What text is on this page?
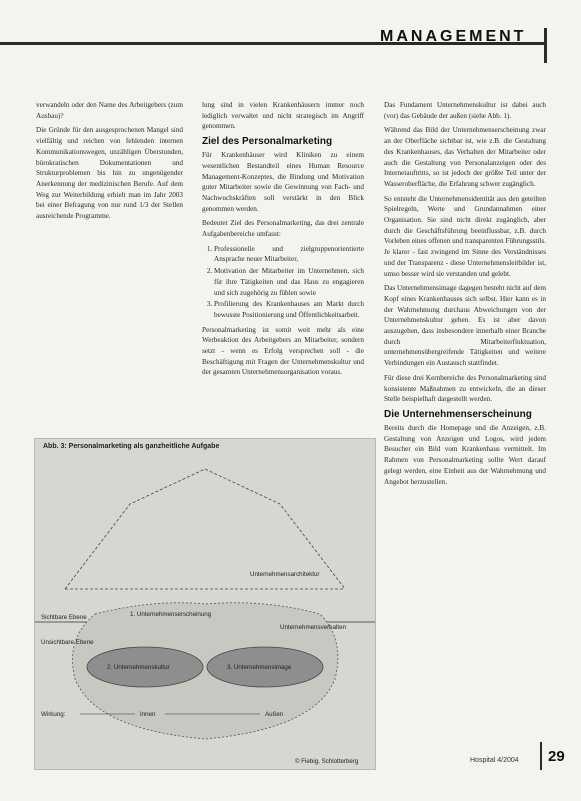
MANAGEMENT

verwandeln oder den Name des Arbeitgebers (zum Ausbau)?

Die Gründe für den ausgesprochenen Mangel sind vielfältig und reichen von fehlenden internen Kommunikationswegen, unzähligen Überstunden, bürokratischen Dokumentationen und Strukturproblemen bis hin zu ungenügender Anerkennung der medizinischen Berufe. Auf dem Weg zur Weiterbildung erhielt man im Jahr 2003 bei einer Befragung von nur rund 1/3 der Stellen ausreichende Programme.

lung sind in vielen Krankenhäusern immer noch lediglich verwaltet und nicht strategisch im Angriff genommen.

Ziel des Personalmarketing

Für Krankenhäuser wird Kliniken zu einem wesentlichen Bestandteil eines Human Resource Management-Konzeptes, die Bindung und Motivation guter Mitarbeiter sowie die Gewinnung von Fach- und Nachwuchskräften soll verstärkt in den Blick genommen werden.

Bedeutet Ziel des Personalmarketing, das drei zentrale Aufgabenbereiche umfasst:

1. Professionelle und zielgruppenorientierte Ansprache neuer Mitarbeiter,
2. Motivation der Mitarbeiter im Unternehmen, sich für ihre Tätigkeiten und das Haus zu engagieren und sich zugehörig zu fühlen sowie
3. Profilierung des Krankenhauses am Markt durch bewusste Positionierung und Öffentlichkeitsarbeit.

Personalmarketing ist somit weit mehr als eine Werbeaktion des Arbeitgebers an Mitarbeiter, sondern setzt - wenn es Erfolg versprechen soll - die Beschäftigung mit Fragen der Unternehmenskultur und der gesamten Unternehmensorganisation voraus.

Das Fundament Unternehmenskultur ist dabei auch (vor) das Gebäude der außen (siehe Abb. 1).

Während das Bild der Unternehmenserscheinung zwar an der Oberfläche sichtbar ist, wie z.B. die Gestaltung des Krankenhauses, das Verhalten der Mitarbeiter oder auch die Gestaltung von Personalanzeigen oder des Internetauftritts, so ist jedoch der größte Teil unter der Wasseroberfläche, die Erfahrung schwer zugänglich.

So entsteht die Unternehmensidentität aus den geteilten Spielregeln, Werte und Grundannahmen einer Organisation. Sie sind nicht direkt zugänglich, aber durch die Geschäftsführung beeinflussbar, z.B. durch Vorleben eines offenen und transparenten Führungsstils. Je klarer - fast zwingend im Sinne des Verständnisses und der Transparenz - diese Unternehmensleitbilder ist, umso besser wird sie verstanden und gelebt.

Das Unternehmensimage dagegen besteht nicht auf dem Kopf eines Krankenhauses sich selbst. Hier kann es in der Wahrnehmung durchaus Abweichungen von der Unternehmenskultur geben. Es ist aber davon auszugehen, dass insbesondere innerhalb einer Branche durch Mitarbeiterfluktuation, unternehmensübergreifende Tätigkeiten und weitere Verbindungen ein Austausch stattfindet.

Für diese drei Kernbereiche des Personalmarketing sind konsistente Maßnahmen zu entwickeln, die an dieser Stelle beispielhaft dargestellt werden.

Die Unternehmenserscheinung

Bereits durch die Homepage und die Anzeigen, z.B. Gestaltung von Anzeigen und Logos, wird jedem Besucher ein Bild vom Krankenhaus vermittelt. Im Rahmen von Personalmarketing sollte Wert darauf gelegt werden, eine Einheit aus der Wahrnehmung und Angebot herzustellen.

Abb. 3: Personalmarketing als ganzheitliche Aufgabe
Unternehmensarchitektur
Sichtbare Ebene	1. Unternehmenserscheinung
Unternehmensverhalten
Unsichtbare Ebene
2. Unternehmenskultur	3. Unternehmensimage
Wirkung:	Innen	Außen
© Fiebig, Schlotterberg	Hospital 4/2004 29
